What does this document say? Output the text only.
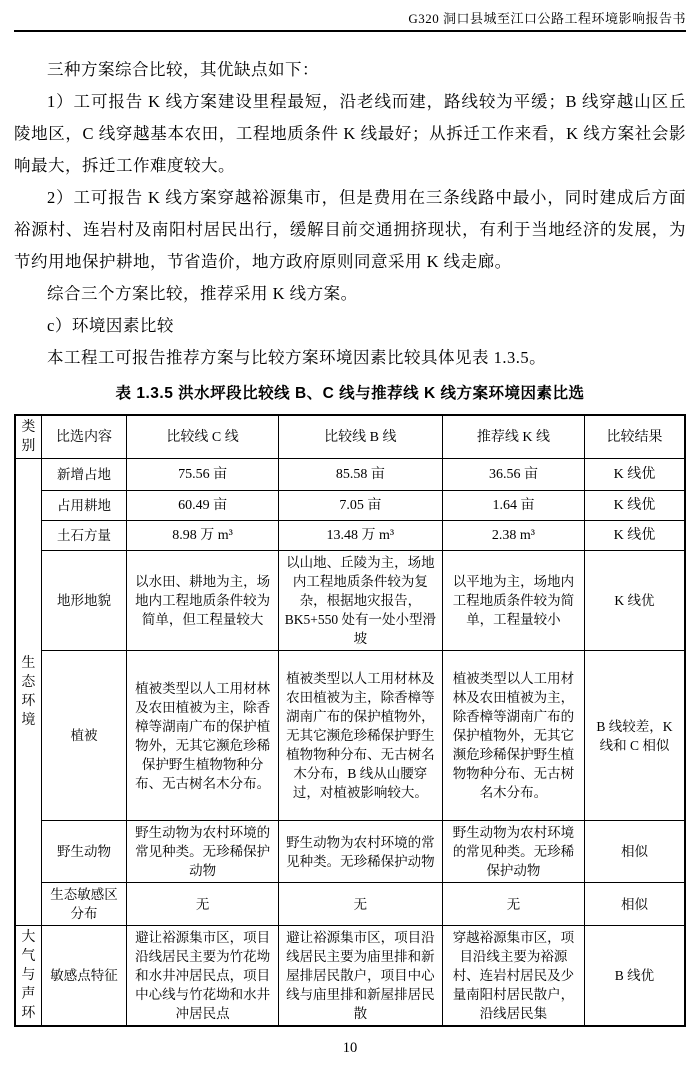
G320 洞口县城至江口公路工程环境影响报告书

三种方案综合比较，其优缺点如下：

1）工可报告 K 线方案建设里程最短，沿老线而建，路线较为平缓；B 线穿越山区丘陵地区，C 线穿越基本农田，工程地质条件 K 线最好；从拆迁工作来看，K 线方案社会影响最大，拆迁工作难度较大。

2）工可报告 K 线方案穿越裕源集市，但是费用在三条线路中最小，同时建成后方面裕源村、连岩村及南阳村居民出行，缓解目前交通拥挤现状，有利于当地经济的发展，为节约用地保护耕地，节省造价，地方政府原则同意采用 K 线走廊。

综合三个方案比较，推荐采用 K 线方案。

c）环境因素比较

本工程工可报告推荐方案与比较方案环境因素比较具体见表 1.3.5。

表 1.3.5 洪水坪段比较线 B、C 线与推荐线 K 线方案环境因素比选
类别	比选内容	比较线 C 线	比较线 B 线	推荐线 K 线	比较结果
生态环境	新增占地	75.56 亩	85.58 亩	36.56 亩	K 线优
	占用耕地	60.49 亩	7.05 亩	1.64 亩	K 线优
	土石方量	8.98 万 m³	13.48 万 m³	2.38 m³	K 线优
	地形地貌	以水田、耕地为主，场地内工程地质条件较为简单，但工程量较大	以山地、丘陵为主，场地内工程地质条件较为复杂，根据地灾报告，BK5+550 处有一处小型滑坡	以平地为主，场地内工程地质条件较为简单，工程量较小	K 线优
	植被	植被类型以人工用材林及农田植被为主，除香樟等湖南广布的保护植物外，无其它濒危珍稀保护野生植物物种分布、无古树名木分布。	植被类型以人工用材林及农田植被为主，除香樟等湖南广布的保护植物外，无其它濒危珍稀保护野生植物物种分布、无古树名木分布，B 线从山腰穿过，对植被影响较大。	植被类型以人工用材林及农田植被为主，除香樟等湖南广布的保护植物外，无其它濒危珍稀保护野生植物物种分布、无古树名木分布。	B 线较差，K 线和 C 相似
	野生动物	野生动物为农村环境的常见种类。无珍稀保护动物	野生动物为农村环境的常见种类。无珍稀保护动物	野生动物为农村环境的常见种类。无珍稀保护动物	相似
	生态敏感区分布	无	无	无	相似
大气与声环	敏感点特征	避让裕源集市区，项目沿线居民主要为竹花坳和水井冲居民点，项目中心线与竹花坳和水井冲居民点	避让裕源集市区，项目沿线居民主要为庙里排和新屋排居民散户，项目中心线与庙里排和新屋排居民散	穿越裕源集市区，项目沿线主要为裕源村、连岩村居民及少量南阳村居民散户，沿线居民集	B 线优
10
